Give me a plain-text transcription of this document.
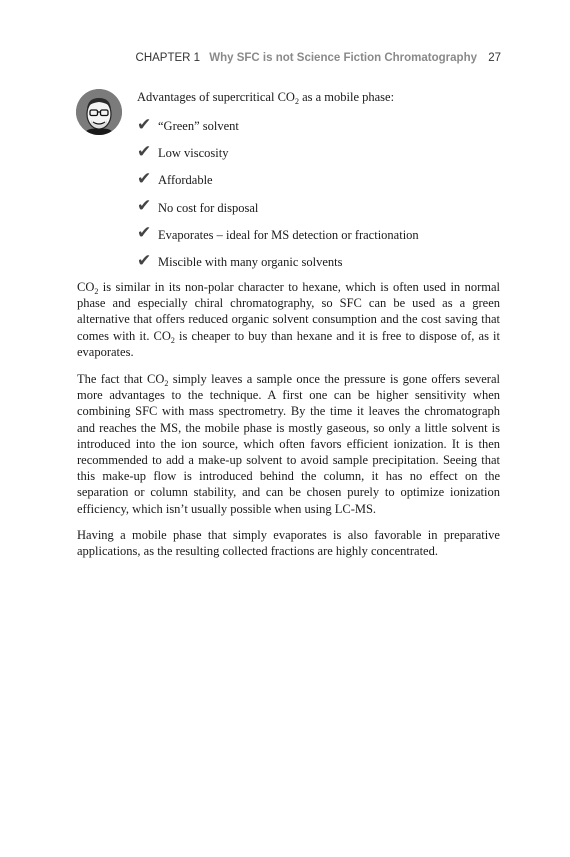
CHAPTER 1 Why SFC is not Science Fiction Chromatography 27

Advantages of supercritical $CO_2$ as a mobile phase:

✔ “Green” solvent
✔ Low viscosity
✔ Affordable
✔ No cost for disposal
✔ Evaporates – ideal for MS detection or fractionation
✔ Miscible with many organic solvents

$CO_2$ is similar in its non-polar character to hexane, which is often used in normal phase and especially chiral chromatography, so SFC can be used as a green alternative that offers reduced organic solvent consumption and the cost saving that comes with it. $CO_2$ is cheaper to buy than hexane and it is free to dispose of, as it evaporates.

The fact that $CO_2$ simply leaves a sample once the pressure is gone offers several more advantages to the technique. A first one can be higher sensitivity when combining SFC with mass spectrometry. By the time it leaves the chromatograph and reaches the MS, the mobile phase is mostly gaseous, so only a little solvent is introduced into the ion source, which often favors efficient ionization. It is then recommended to add a make-up solvent to avoid sample precipitation. Seeing that this make-up flow is introduced behind the column, it has no effect on the separation or column stability, and can be chosen purely to optimize ionization efficiency, which isn’t usually possible when using LC-MS.

Having a mobile phase that simply evaporates is also favorable in preparative applications, as the resulting collected fractions are highly concentrated.
